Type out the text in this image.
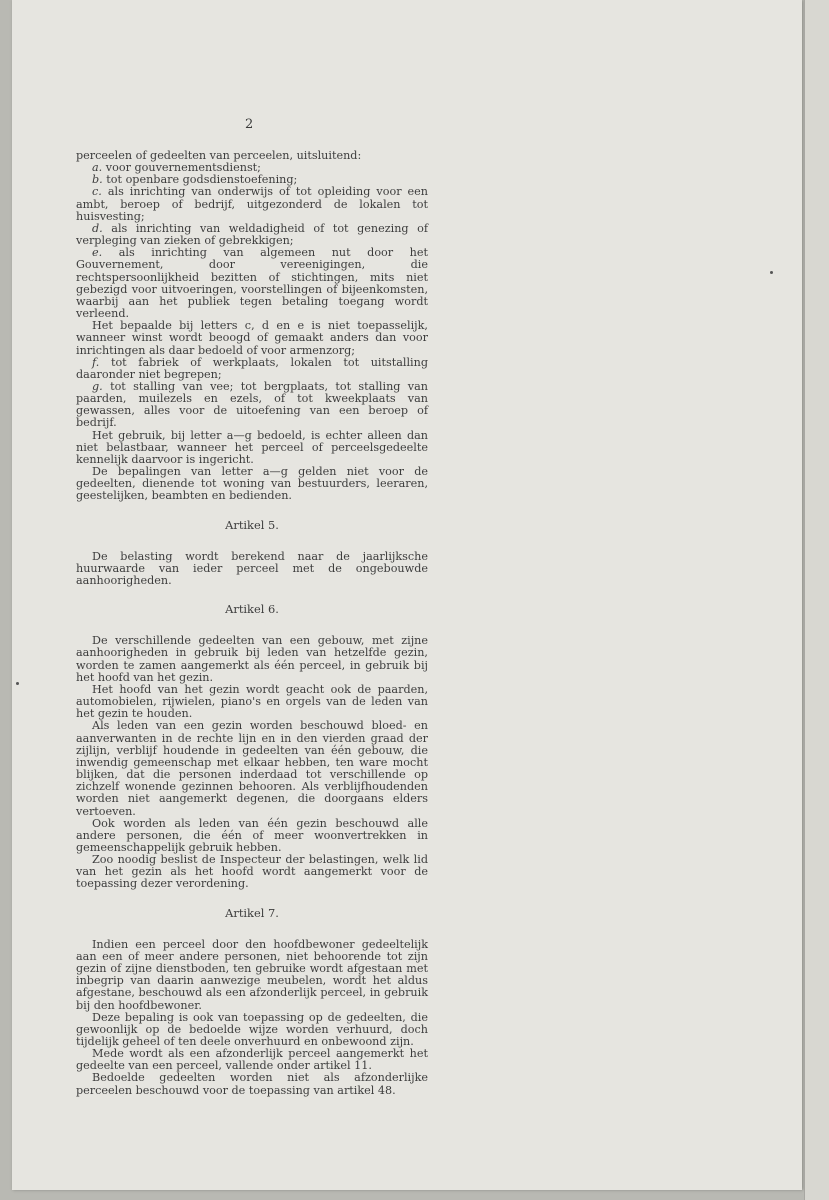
2

perceelen of gedeelten van perceelen, uitsluitend:

a. voor gouvernementsdienst;

b. tot openbare godsdienstoefening;

c. als inrichting van onderwijs of tot opleiding voor een ambt, beroep of bedrijf, uitgezonderd de lokalen tot huisvesting;

d. als inrichting van weldadigheid of tot genezing of verpleging van zieken of gebrekkigen;

e. als inrichting van algemeen nut door het Gouvernement, door vereenigingen, die rechtspersoonlijkheid bezitten of stichtingen, mits niet gebezigd voor uitvoeringen, voorstellingen of bijeenkomsten, waarbij aan het publiek tegen betaling toegang wordt verleend.

Het bepaalde bij letters c, d en e is niet toepasselijk, wanneer winst wordt beoogd of gemaakt anders dan voor inrichtingen als daar bedoeld of voor armenzorg;

f. tot fabriek of werkplaats, lokalen tot uitstalling daaronder niet begrepen;

g. tot stalling van vee; tot bergplaats, tot stalling van paarden, muilezels en ezels, of tot kweekplaats van gewassen, alles voor de uitoefening van een beroep of bedrijf.

Het gebruik, bij letter a—g bedoeld, is echter alleen dan niet belastbaar, wanneer het perceel of perceelsgedeelte kennelijk daarvoor is ingericht.

De bepalingen van letter a—g gelden niet voor de gedeelten, dienende tot woning van bestuurders, leeraren, geestelijken, beambten en bedienden.

Artikel 5.

De belasting wordt berekend naar de jaarlijksche huurwaarde van ieder perceel met de ongebouwde aanhoorigheden.

Artikel 6.

De verschillende gedeelten van een gebouw, met zijne aanhoorigheden in gebruik bij leden van hetzelfde gezin, worden te zamen aangemerkt als één perceel, in gebruik bij het hoofd van het gezin.

Het hoofd van het gezin wordt geacht ook de paarden, automobielen, rijwielen, piano's en orgels van de leden van het gezin te houden.

Als leden van een gezin worden beschouwd bloed- en aanverwanten in de rechte lijn en in den vierden graad der zijlijn, verblijf houdende in gedeelten van één gebouw, die inwendig gemeenschap met elkaar hebben, ten ware mocht blijken, dat die personen inderdaad tot verschillende op zichzelf wonende gezinnen behooren. Als verblijfhoudenden worden niet aangemerkt degenen, die doorgaans elders vertoeven.

Ook worden als leden van één gezin beschouwd alle andere personen, die één of meer woonvertrekken in gemeenschappelijk gebruik hebben.

Zoo noodig beslist de Inspecteur der belastingen, welk lid van het gezin als het hoofd wordt aangemerkt voor de toepassing dezer verordening.

Artikel 7.

Indien een perceel door den hoofdbewoner gedeeltelijk aan een of meer andere personen, niet behoorende tot zijn gezin of zijne dienstboden, ten gebruike wordt afgestaan met inbegrip van daarin aanwezige meubelen, wordt het aldus afgestane, beschouwd als een afzonderlijk perceel, in gebruik bij den hoofdbewoner.

Deze bepaling is ook van toepassing op de gedeelten, die gewoonlijk op de bedoelde wijze worden verhuurd, doch tijdelijk geheel of ten deele onverhuurd en onbewoond zijn.

Mede wordt als een afzonderlijk perceel aangemerkt het gedeelte van een perceel, vallende onder artikel 11.

Bedoelde gedeelten worden niet als afzonderlijke perceelen beschouwd voor de toepassing van artikel 48.
